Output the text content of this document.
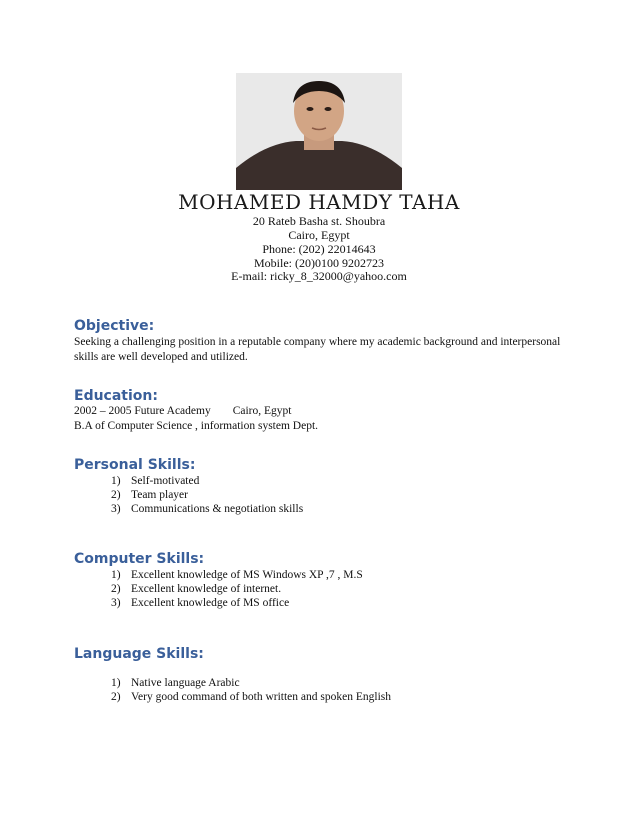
MOHAMED HAMDY TAHA
20 Rateb Basha st. Shoubra
Cairo, Egypt
Phone: (202) 22014643
Mobile: (20)0100 9202723
E-mail: ricky_8_32000@yahoo.com
Objective:
Seeking a challenging position in a reputable company where my academic background and interpersonal
skills are well developed and utilized.
Education:
2002 – 2005 Future Academy Cairo, Egypt
B.A of Computer Science , information system Dept.
Personal Skills:
1) Self-motivated
2) Team player
3) Communications & negotiation skills
Computer Skills:
1) Excellent knowledge of MS Windows XP ,7 , M.S
2) Excellent knowledge of internet.
3) Excellent knowledge of MS office
Language Skills:
1) Native language Arabic
2) Very good command of both written and spoken English
